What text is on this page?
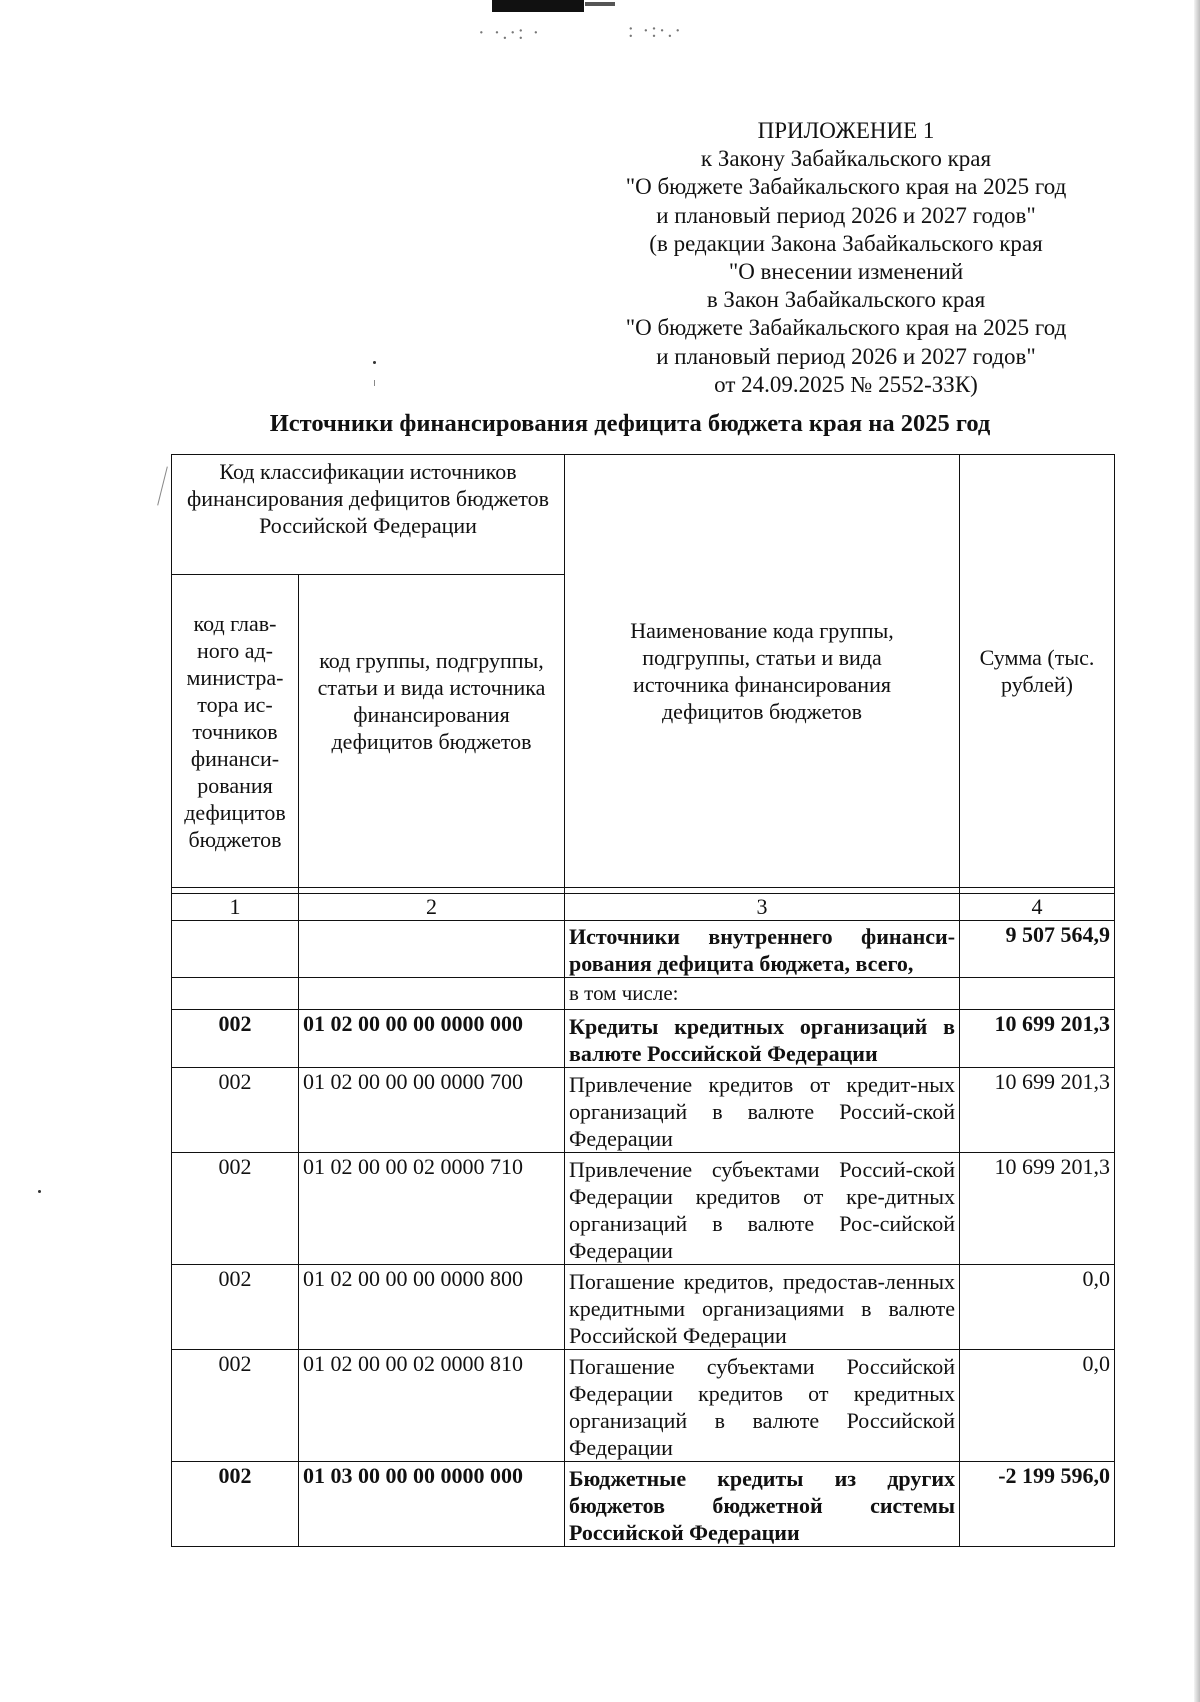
· ·.·: ·	: ·:·.·
ПРИЛОЖЕНИЕ 1
к Закону Забайкальского края
"О бюджете Забайкальского края на 2025 год
и плановый период 2026 и 2027 годов"
(в редакции Закона Забайкальского края
"О внесении изменений
в Закон Забайкальского края
"О бюджете Забайкальского края на 2025 год
и плановый период 2026 и 2027 годов"
от 24.09.2025 № 2552-ЗЗК)
Источники финансирования дефицита бюджета края на 2025 год
Код классификации источников финансирования дефицитов бюджетов Российской Федерации		Наименование кода группы, подгруппы, статьи и вида источника финансирования дефицитов бюджетов	Сумма (тыс. рублей)
код глав-ного ад-министра-тора ис-точников финанси-рования дефицитов бюджетов	код группы, подгруппы, статьи и вида источника финансирования дефицитов бюджетов		

1	2	3	4
		Источники внутреннего финанси-рования дефицита бюджета, всего,	9 507 564,9
		в том числе:	
002	01 02 00 00 00 0000 000	Кредиты кредитных организаций в валюте Российской Федерации	10 699 201,3
002	01 02 00 00 00 0000 700	Привлечение кредитов от кредит-ных организаций в валюте Россий-ской Федерации	10 699 201,3
002	01 02 00 00 02 0000 710	Привлечение субъектами Россий-ской Федерации кредитов от кре-дитных организаций в валюте Рос-сийской Федерации	10 699 201,3
002	01 02 00 00 00 0000 800	Погашение кредитов, предостав-ленных кредитными организациями в валюте Российской Федерации	0,0
002	01 02 00 00 02 0000 810	Погашение субъектами Российской Федерации кредитов от кредитных организаций в валюте Российской Федерации	0,0
002	01 03 00 00 00 0000 000	Бюджетные кредиты из других бюджетов бюджетной системы Российской Федерации	-2 199 596,0
